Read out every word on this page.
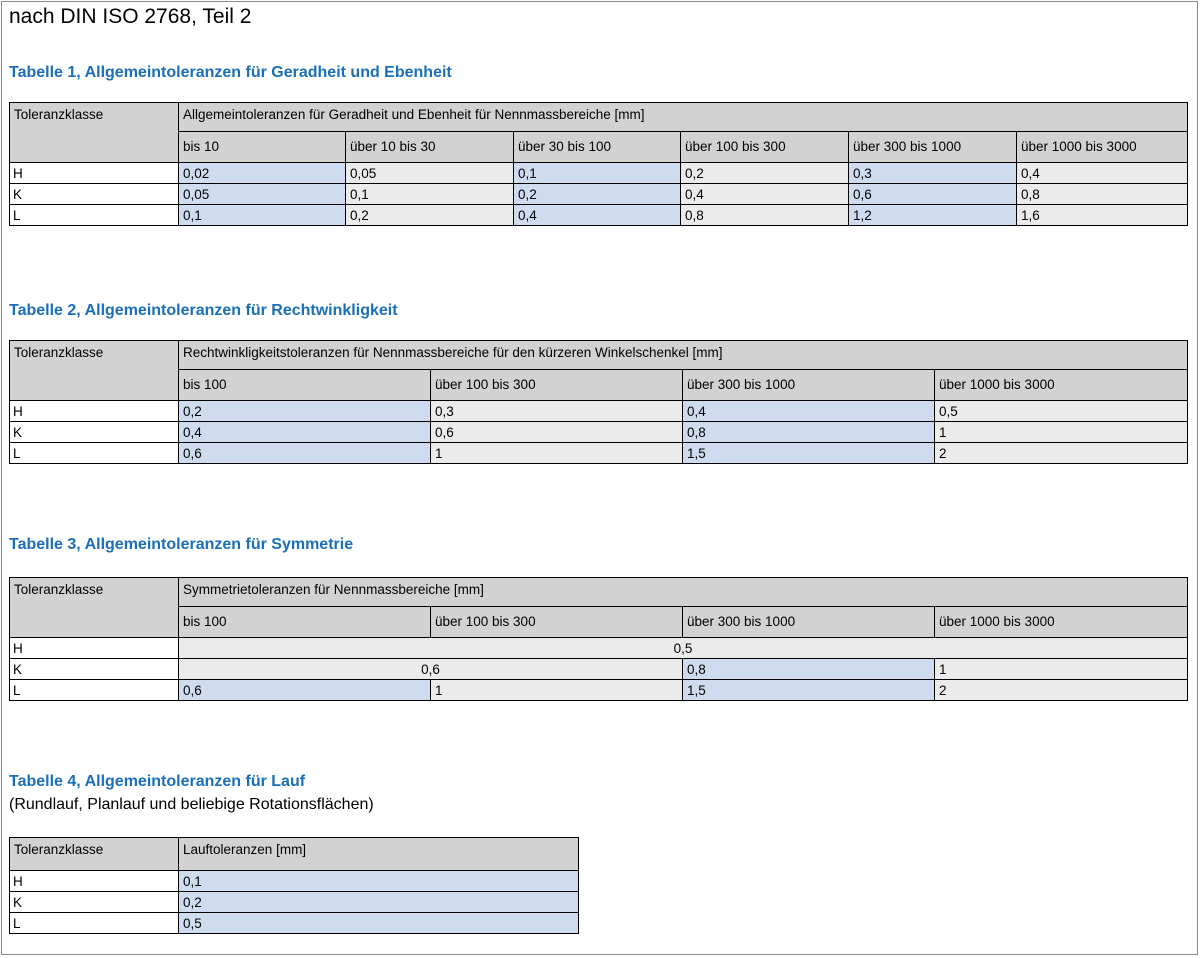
nach DIN ISO 2768, Teil 2
Tabelle 1, Allgemeintoleranzen für Geradheit und Ebenheit
Toleranzklasse	Allgemeintoleranzen für Geradheit und Ebenheit für Nennmassbereiche [mm]					
	bis 10	über 10 bis 30	über 30 bis 100	über 100 bis 300	über 300 bis 1000	über 1000 bis 3000
H	0,02	0,05	0,1	0,2	0,3	0,4
K	0,05	0,1	0,2	0,4	0,6	0,8
L	0,1	0,2	0,4	0,8	1,2	1,6
Tabelle 2, Allgemeintoleranzen für Rechtwinkligkeit
Toleranzklasse	Rechtwinkligkeitstoleranzen für Nennmassbereiche für den kürzeren Winkelschenkel [mm]			
	bis 100	über 100 bis 300	über 300 bis 1000	über 1000 bis 3000
H	0,2	0,3	0,4	0,5
K	0,4	0,6	0,8	1
L	0,6	1	1,5	2
Tabelle 3, Allgemeintoleranzen für Symmetrie
Toleranzklasse	Symmetrietoleranzen für Nennmassbereiche [mm]			
	bis 100	über 100 bis 300	über 300 bis 1000	über 1000 bis 3000
H	0,5			
K	0,6		0,8	1
L	0,6	1	1,5	2
Tabelle 4, Allgemeintoleranzen für Lauf
(Rundlauf, Planlauf und beliebige Rotationsflächen)
Toleranzklasse	Lauftoleranzen [mm]
H	0,1
K	0,2
L	0,5
